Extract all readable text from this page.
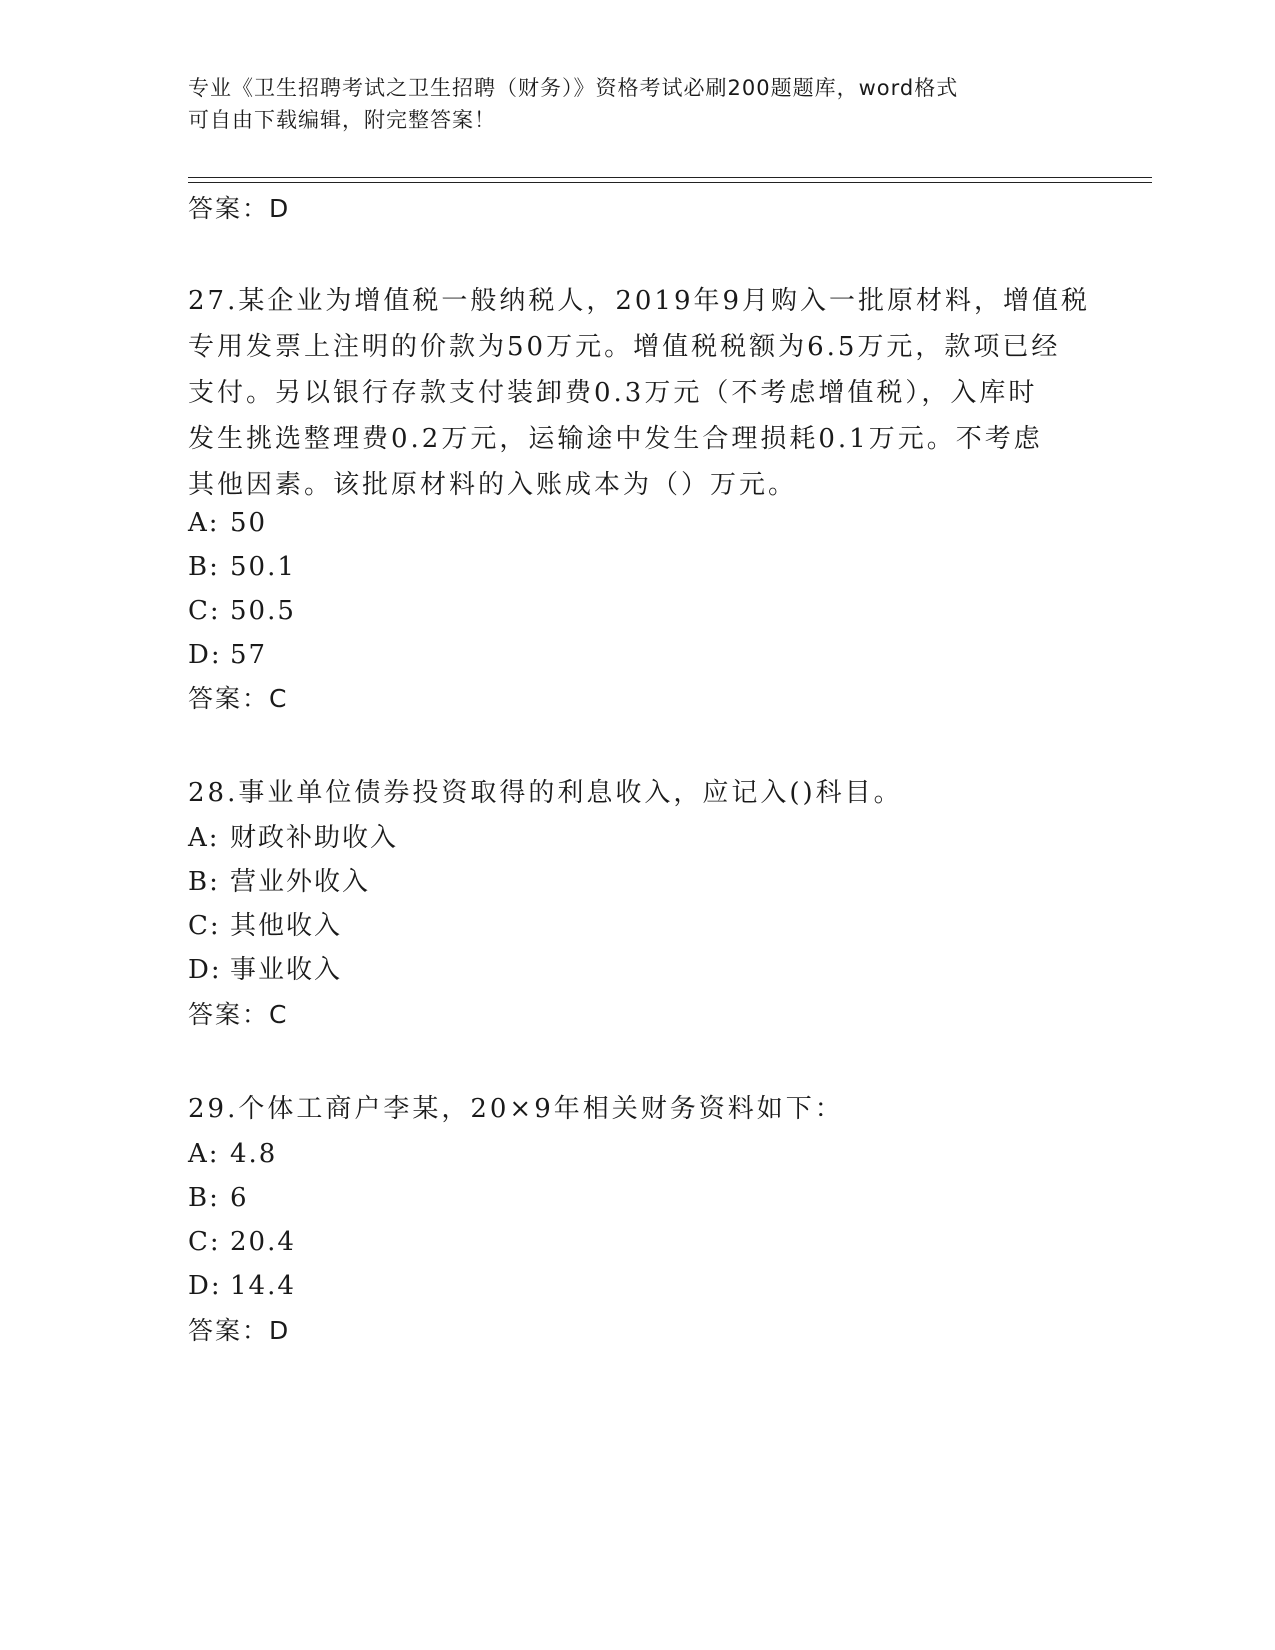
专业《卫生招聘考试之卫生招聘（财务）》资格考试必刷200题题库，word格式
可自由下载编辑，附完整答案！
答案：D
27.某企业为增值税一般纳税人，2019年9月购入一批原材料，增值税
专用发票上注明的价款为50万元。增值税税额为6.5万元，款项已经
支付。另以银行存款支付装卸费0.3万元（不考虑增值税），入库时
发生挑选整理费0.2万元，运输途中发生合理损耗0.1万元。不考虑
其他因素。该批原材料的入账成本为（）万元。
A: 50
B: 50.1
C: 50.5
D: 57
答案：C
28.事业单位债券投资取得的利息收入，应记入()科目。
A: 财政补助收入
B: 营业外收入
C: 其他收入
D: 事业收入
答案：C
29.个体工商户李某，20×9年相关财务资料如下：
A: 4.8
B: 6
C: 20.4
D: 14.4
答案：D
